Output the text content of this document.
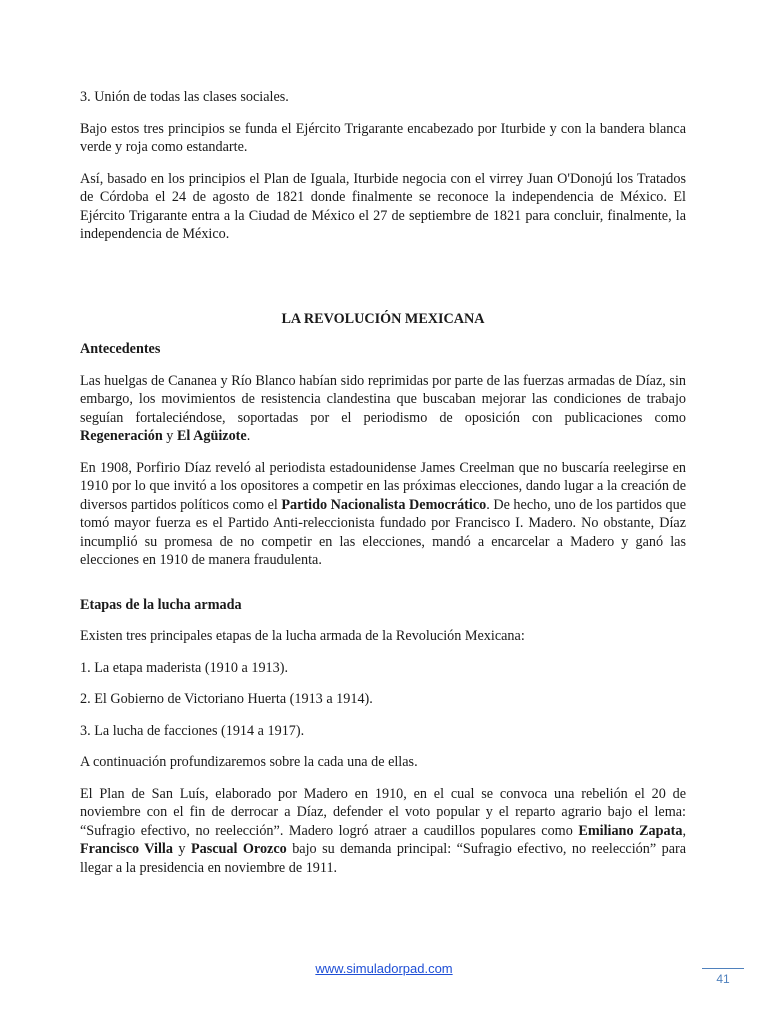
3. Unión de todas las clases sociales.

Bajo estos tres principios se funda el Ejército Trigarante encabezado por Iturbide y con la bandera blanca verde y roja como estandarte.

Así, basado en los principios el Plan de Iguala, Iturbide negocia con el virrey Juan O'Donojú los Tratados de Córdoba el 24 de agosto de 1821 donde finalmente se reconoce la independencia de México. El Ejército Trigarante entra a la Ciudad de México el 27 de septiembre de 1821 para concluir, finalmente, la independencia de México.

LA REVOLUCIÓN MEXICANA
Antecedentes

Las huelgas de Cananea y Río Blanco habían sido reprimidas por parte de las fuerzas armadas de Díaz, sin embargo, los movimientos de resistencia clandestina que buscaban mejorar las condiciones de trabajo seguían fortaleciéndose, soportadas por el periodismo de oposición con publicaciones como Regeneración y El Agüizote.

En 1908, Porfirio Díaz reveló al periodista estadounidense James Creelman que no buscaría reelegirse en 1910 por lo que invitó a los opositores a competir en las próximas elecciones, dando lugar a la creación de diversos partidos políticos como el Partido Nacionalista Democrático. De hecho, uno de los partidos que tomó mayor fuerza es el Partido Anti-releccionista fundado por Francisco I. Madero. No obstante, Díaz incumplió su promesa de no competir en las elecciones, mandó a encarcelar a Madero y ganó las elecciones en 1910 de manera fraudulenta.

Etapas de la lucha armada

Existen tres principales etapas de la lucha armada de la Revolución Mexicana:

1. La etapa maderista (1910 a 1913).

2. El Gobierno de Victoriano Huerta (1913 a 1914).

3. La lucha de facciones (1914 a 1917).

A continuación profundizaremos sobre la cada una de ellas.

El Plan de San Luís, elaborado por Madero en 1910, en el cual se convoca una rebelión el 20 de noviembre con el fin de derrocar a Díaz, defender el voto popular y el reparto agrario bajo el lema: “Sufragio efectivo, no reelección”. Madero logró atraer a caudillos populares como Emiliano Zapata, Francisco Villa y Pascual Orozco bajo su demanda principal: “Sufragio efectivo, no reelección” para llegar a la presidencia en noviembre de 1911.

www.simuladorpad.com
41
